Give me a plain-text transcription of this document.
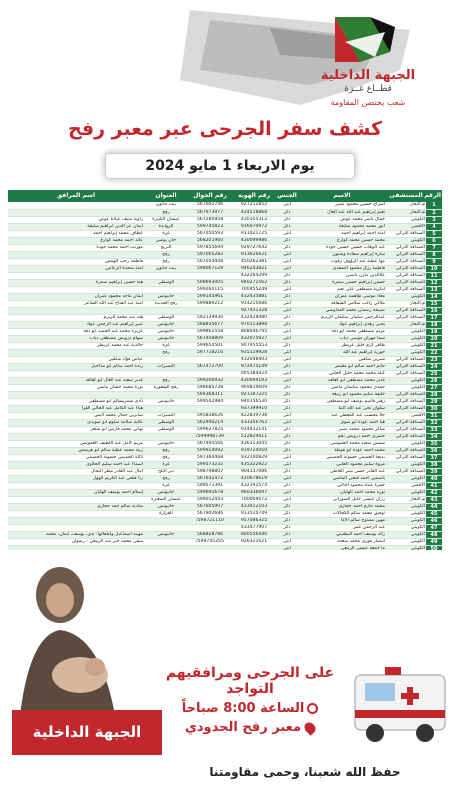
الجبهة الداخلية
قطــاع غــزة
شعب يحتضن المقاومة
كشف سفر الجرحى عبر معبر رفح
يوم الاربعاء 1 مايو 2024
الرقم	المستشفى	الاسم	الجنس	رقم الهوية	رقم الجوال	العنوان	اسم المرافق
1	م.النجار	اشراح حسين محمود نصير	أنثى	927212852	567002746	بيت حانون	
2	م.النجار	نعيم إبراهيم عبد الله عبد العال	ذكر	424518868	567973977	رفح	
3	الكويتي	جمال ياسر محمد عوض	ذكر	430105312	567280958	عبسان الكبيرة	راوية منيف عيادة عوض
4	الأقصى	أنور محمد محمود سليقة	ذكر	916070972	599745823	الزوايدة	ايمان عز الدين ابراهيم سليقة
5	الصداقة التركي	امنة احمد ابراهيم احمد	أنثى	911421725	567050593	غزة	عطاف محمد إبراهيم احمد
6	الكويتي	محمد حسين محمد كوارع	ذكر	430099986	568201960	خان يونس	عائد احمد محمد كوارع
7	الصداقة التركي	عبد الوهاب حسين حسين جودة	ذكر	929727642	597855694	البريج	موزنت احمد محمد جودة
8	الصداقة التركي	سارة إبراهيم سعادة وشنون	أنثى	913626621	597065282	رفح	
9	الصداقة التركي	مها عطية عبد الرؤوف رقوت	أنثى	450262381	567054448	رفح	فاطمة رجب الهمص
10	الصداقة التركي	فاطمة رزق محمود الصفدي	أنثى	946243821	598067129	بيت حانون	امنة شحدة الزعانين
11	الصداقة التركي	علاالدين مازن ياسين	ذكر	432264299			
12	الصداقة التركي	حسين إبراهيم حسين سمرة	ذكر	940271562	598693005	الوسطى	هبة حسين إبراهيم سمرة
13	الصداقة التركي	لنكرية مصطفى علي نجم	أنثى	700455249	599260115		
14	الكويتي	معاذ موسى ظاهمه عمران	ذكر	432435881	599145961	خانيونس	ايمان ماجد محمود عمران
15	م.النجار	ملاكي راغب سلامي الشقاقة	أنثى	914215686	599889212	رفح الجديدة	امنة عبد الفتاح عبد الله الشاعر
16	الصداقة التركي	صبيحة رمضان محمد المداوسي	أنثى	927451328			
17	الصداقة التركي	عبدالرحمن سلمان سليمان الزيرم	ذكر	432428480	592139930	الوسطى	هند عبد محمد الزيرم
18	م.النجار	يحيى زهدي إبراهيم عواد	ذكر	970113898	568835677	خانيونس	عبير إبراهيم عبد الرحمن عواد
19	الكويتي	مريم مصطفى محمد ابو دقة	أنثى	808046795	599861558	خانيونس	عزيزة محمد عبد الحميد ابو دقة
20	الكويتي	سما مهران موسى دياب	أنثى	432075927	567408809	خانيونس	سهام درويش مصطفى دياب
21	الكويتي	ظافر كرم خليل غريطر	ذكر	907955553	599650501	غزة	خالدية عبد محمد غريطر
22	الكويتي	حورية إبراهيم عبد الله	أنثى	935119928	597718216	رفح	
23	الصداقة التركي	شيرين شاهين	أنثى	432048403			عباس فؤاد شاهين
24	الصداقة التركي	حاتم احمد سالم ابو مخيمر	ذكر	972475149	567472700	النصيرات	رندة احمد سالم ابو مداحيل
25	الصداقة التركي	كيلة محمد محمد خليل الحلبي	أنثى	905184024			
26	الكويتي	غدير محمد مصطفى ابو كفاقه	أنثى	430094193	599206932	رفح	غدير سعيد عبد العال ابو كفاقه
27	الكويتي	حمدي محمود سليمان ماضي	ذكر	969819609	598685738	رفح الشعورة	نورة محمد حسان ماضي
28	الصداقة التركي	خليفة سليم محمود ابو ربيعة	ذكر	921187225	594368311		
29	الصداقة التركي	زهير قاسم يوسف ابو مصطفى	ذكر	940156530	599542984	خانيونس	نادي شمريسالم ابو مصطفى
30	الصداقة التركي	سلوان نجي عبد الله البنا	ذكر	937399910			هناء عبد الكامل عبد الحالي الفرا
31	الأقصى	حلا محسب عبد المعطي عبد	أنثى	422839738	595838626	النصيرات	صابرين جمال محمد البش
32	الصداقة التركي	هيا احمد عودة ابو صوي	أنثى	433356763	562940214	الوسطى	عالية سلامة سلوم ابو صويدي
33	الصداقة التركي	شاكر محمود محمد نصير	ذكر	914432141	599627825	الوسطى	تهاني محمد فارس ابو شتغر
34	الصداقة التركي	خضري احمد درويش نجم	ذكر	512829411	599998739/		
35	الكويتي	شمس سعيد محمد العموسي	ذكر	436113045	567495566	خانيونس	مريم كامل عبد اللطيف العموسي
36	الصداقة التركي	محمد احمد عودة ابو فوطة	ذكر	919724050	599914092	رفح	زينة محمد عطية سالم ابو هرشش
37	الصداقة التركي	بديعة الخميس حسونة الحصيني	أنثى	932100829	597364468	رفح	ثائلة الخميس حسونة الحصيني
38	الكويتي	مروة سليم محمود الحلبي	أنثى	435322922	599573232	غزة	اسماء عبد احمد سليم الحلاوي
39	الصداقة التركي	عبد القادر حسن منير العاطي	ذكر	904337086	598798807	دير البلح	آمال عبد القادر مطر البحال
40	الكويتي	ياسمين احمد فتحي الماسي	أنثى	420678619	567031472	رفح	رنا فتحي عبد الكريم الهول
41	الأقصى	حمزة عماد محمود الذالي	ذكر	432191574	599571391	غزة	
42	الكويتي	نوره محمد احمد الهليان	أنثى	960336097	599691678	خانيونس	إسلام احمد يوسف الهليان
43	م.النجار	رزان عيسى خليل الصوراني	أنثى	700069072	599012443	عبسان الصغيرة	
44	الكويتي	محمد حازم احمد حجازي	ذكر	433412103	567605907	خانيونس	شادية سالم حمد حجازي
45	الكويتي	توفيق محمد سالم الكجالات	ذكر	913510749	567902686	القرارة	
46	الكويتي	مهين ممدوح سالم الاغا	ذكر	957086325	598721110/		
47	الكويتي	عبد الرحمن عمر	ذكر	433477907			
48	الكويتي	رائد يوسف احمد البطنيني	ذكر	800556446	568828786	خانيونس	مهيبة اسماعيل واطفالها: ندى، يوسف، ايمان، محمد
49	الكويتي	انتصار فوزي محمد سعده	أنثى	926321621	599745355/		سفى محمد جبر عبد الربيعي - رضوان
50	الكويتي	ما جمعة عيسى الربيعي	أنثى				
على الجرحى ومرافقيهم التواجد
الساعة 8:00 صباحاً
معبر رفح الحدودي
الجبهة الداخلية
حفظ الله شعبنا، وحمى مقاومتنا
